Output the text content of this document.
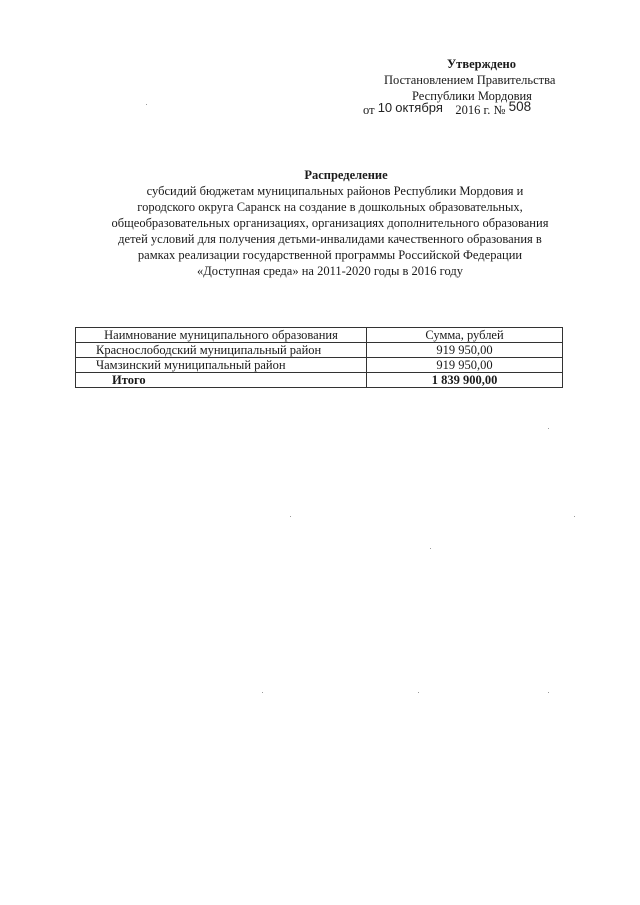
Утверждено
Постановлением Правительства
Республики Мордовия
от 10 октября 2016 г. № 508
Распределение
субсидий бюджетам муниципальных районов Республики Мордовия и
городского округа Саранск на создание в дошкольных образовательных,
общеобразовательных организациях, организациях дополнительного образования
детей условий для получения детьми-инвалидами качественного образования в
рамках реализации государственной программы Российской Федерации
«Доступная среда» на 2011-2020 годы в 2016 году
Наимнование муниципального образования	Сумма, рублей
Краснослободский муниципальный район	919 950,00
Чамзинский муниципальный район	919 950,00
Итого	1 839 900,00
